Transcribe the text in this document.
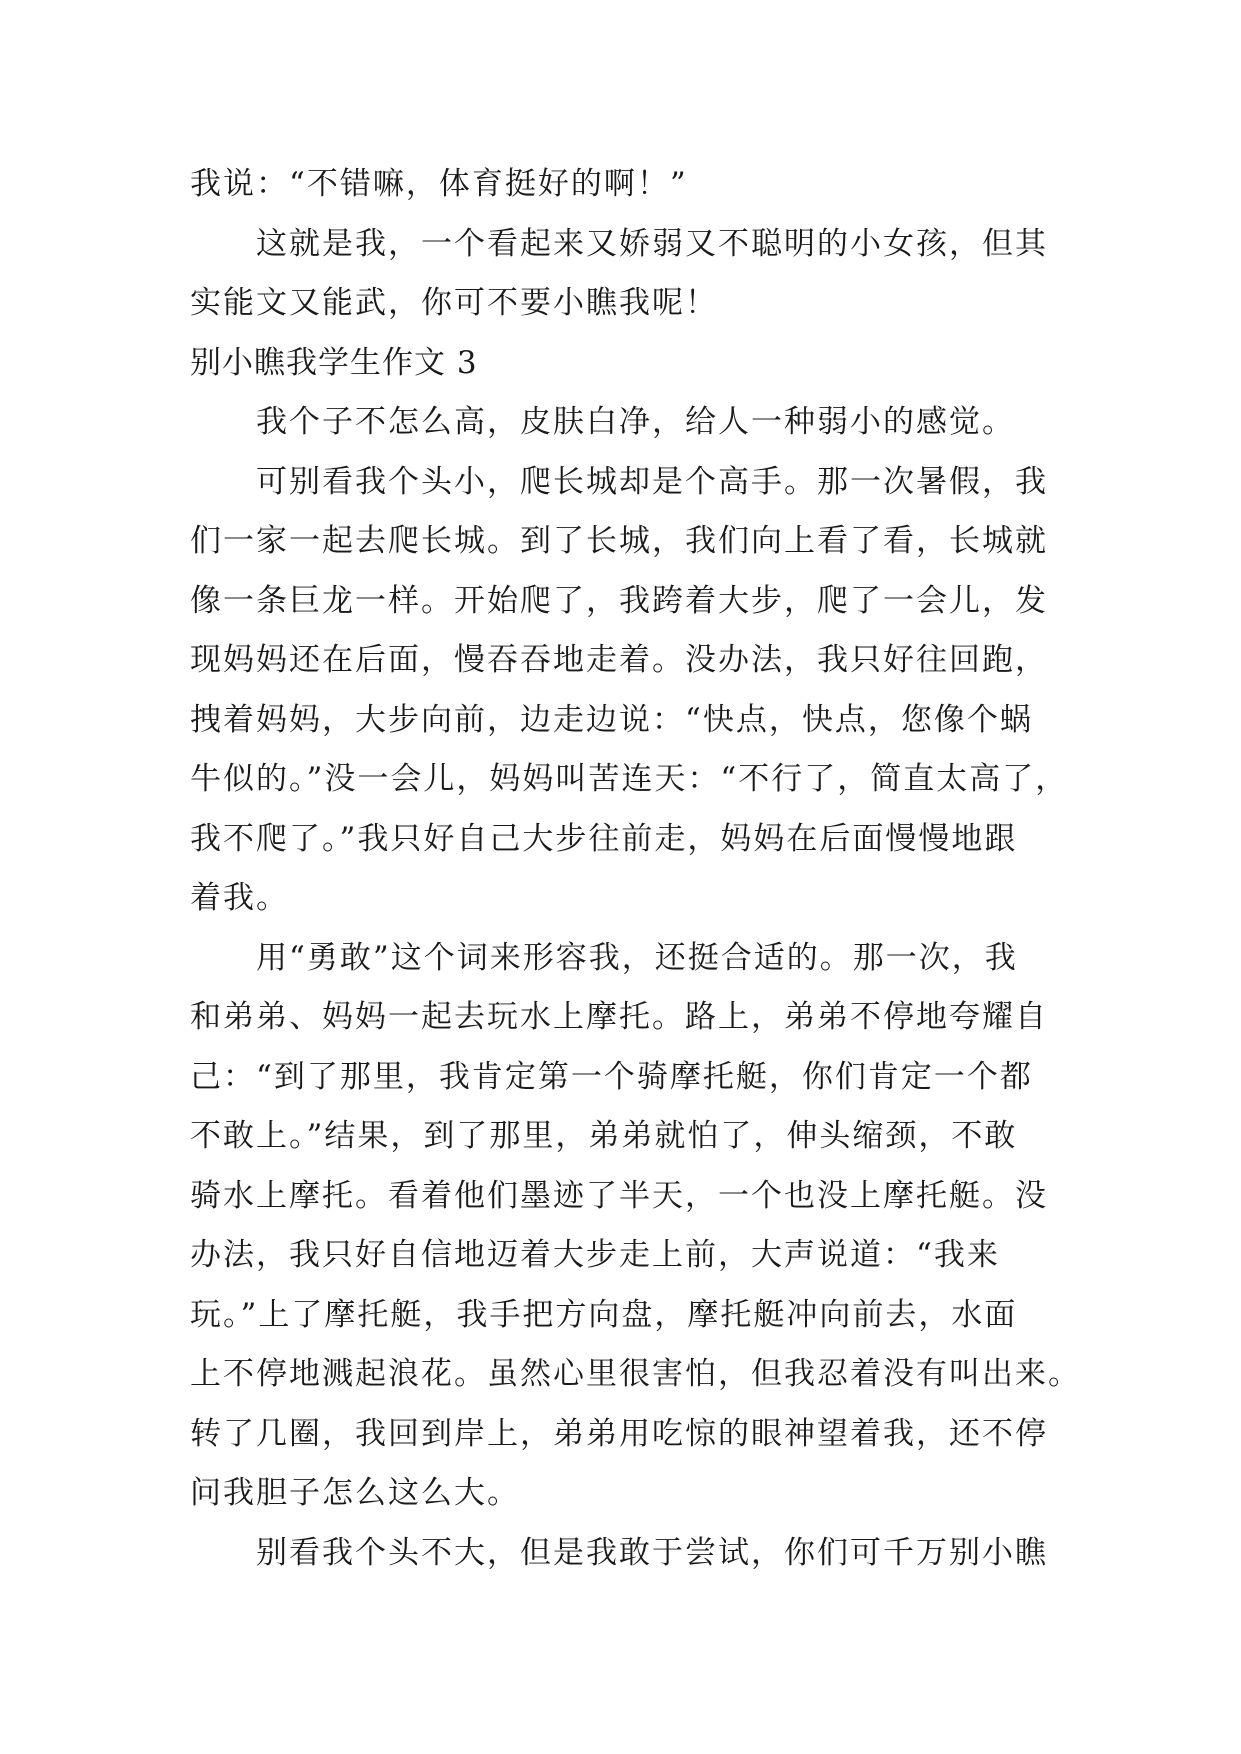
我说：“不错嘛，体育挺好的啊！”
这就是我，一个看起来又娇弱又不聪明的小女孩，但其
实能文又能武，你可不要小瞧我呢！
别小瞧我学生作文 3
我个子不怎么高，皮肤白净，给人一种弱小的感觉。
可别看我个头小，爬长城却是个高手。那一次暑假，我
们一家一起去爬长城。到了长城，我们向上看了看，长城就
像一条巨龙一样。开始爬了，我跨着大步，爬了一会儿，发
现妈妈还在后面，慢吞吞地走着。没办法，我只好往回跑，
拽着妈妈，大步向前，边走边说：“快点，快点，您像个蜗
牛似的。”没一会儿，妈妈叫苦连天：“不行了，简直太高了，
我不爬了。”我只好自己大步往前走，妈妈在后面慢慢地跟
着我。
用“勇敢”这个词来形容我，还挺合适的。那一次，我
和弟弟、妈妈一起去玩水上摩托。路上，弟弟不停地夸耀自
己：“到了那里，我肯定第一个骑摩托艇，你们肯定一个都
不敢上。”结果，到了那里，弟弟就怕了，伸头缩颈，不敢
骑水上摩托。看着他们墨迹了半天，一个也没上摩托艇。没
办法，我只好自信地迈着大步走上前，大声说道：“我来
玩。”上了摩托艇，我手把方向盘，摩托艇冲向前去，水面
上不停地溅起浪花。虽然心里很害怕，但我忍着没有叫出来。
转了几圈，我回到岸上，弟弟用吃惊的眼神望着我，还不停
问我胆子怎么这么大。
别看我个头不大，但是我敢于尝试，你们可千万别小瞧
